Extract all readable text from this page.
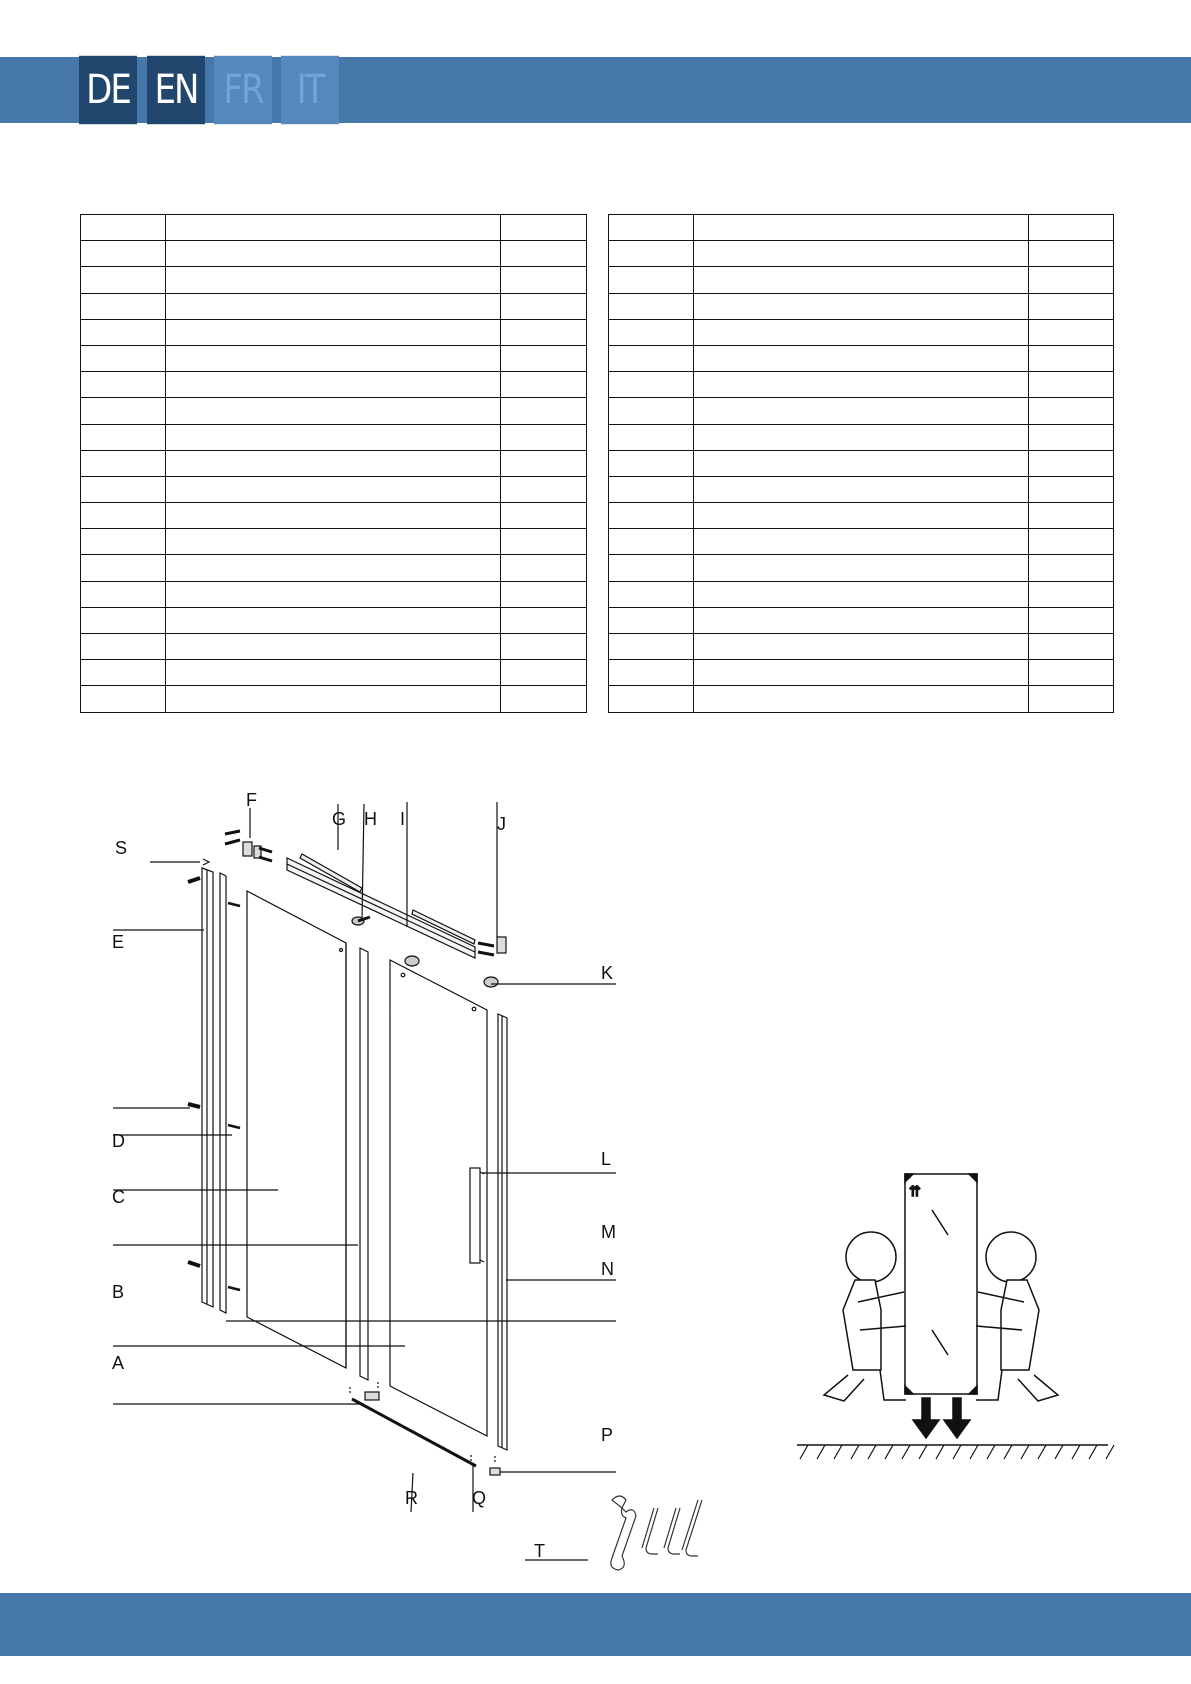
DE EN FR	IT

F
G H I	J
S
E
K
D
L
C
M
N
B
A
P
R	Q
T
⇈
